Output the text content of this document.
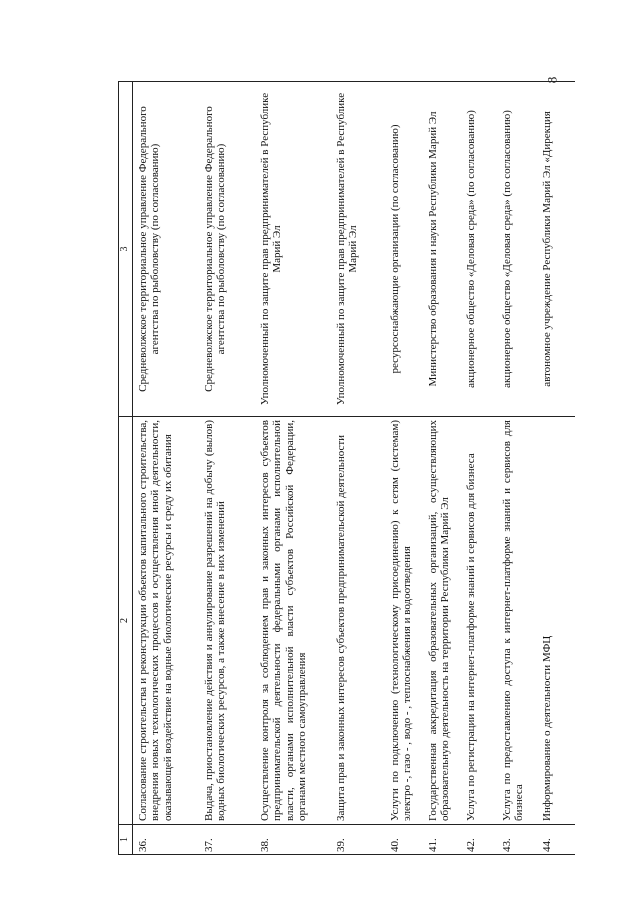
8
1	2	3
36.	Согласование строительства и реконструкции объектов капитального строительства, внедрения новых технологических процессов и осуществления иной деятельности, оказывающей воздействие на водные биологические ресурсы и среду их обитания	Средневолжское территориальное управление Федерального агентства по рыболовству (по согласованию)
37.	Выдача, приостановление действия и аннулирование разрешений на добычу (вылов) водных биологических ресурсов, а также внесение в них изменений	Средневолжское территориальное управление Федерального агентства по рыболовству (по согласованию)
38.	Осуществление контроля за соблюдением прав и законных интересов субъектов предпринимательской деятельности федеральными органами исполнительной власти, органами исполнительной власти субъектов Российской Федерации, органами местного самоуправления	Уполномоченный по защите прав предпринимателей в Республике Марий Эл
39.	Защита прав и законных интересов субъектов предпринимательской деятельности	Уполномоченный по защите прав предпринимателей в Республике Марий Эл
40.	Услуги по подключению (технологическому присоединению) к сетям (системам) электро -, газо - , водо - , теплоснабжения и водоотведения	ресурсоснабжающие организации (по согласованию)
41.	Государственная аккредитация образовательных организаций, осуществляющих образовательную деятельность на территории Республики Марий Эл	Министерство образования и науки Республики Марий Эл
42.	Услуга по регистрации на интернет-платформе знаний и сервисов для бизнеса	акционерное общество «Деловая среда» (по согласованию)
43.	Услуга по предоставлению доступа к интернет-платформе знаний и сервисов для бизнеса	акционерное общество «Деловая среда» (по согласованию)
44.	Информирование о деятельности МФЦ	автономное учреждение Республики Марий Эл «Дирекция
